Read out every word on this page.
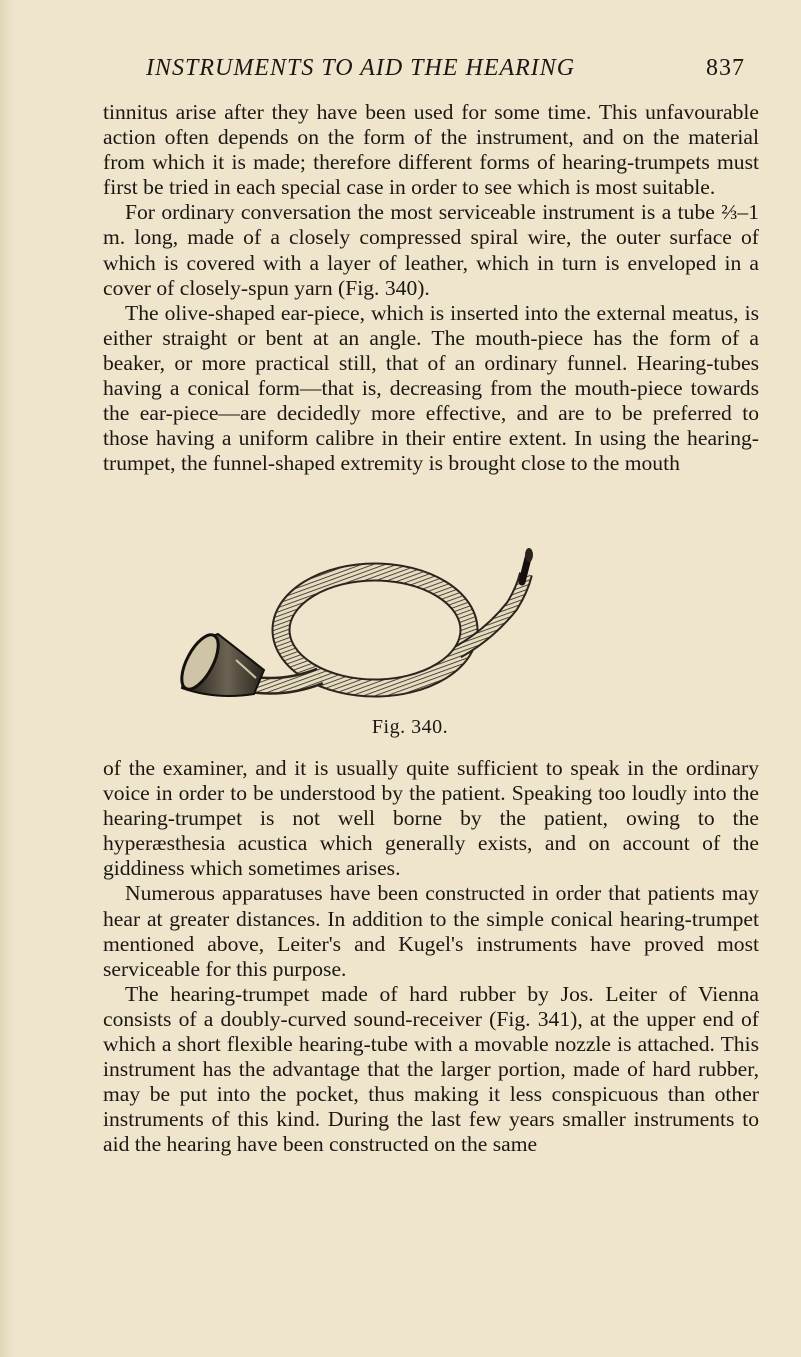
INSTRUMENTS TO AID THE HEARING	837

tinnitus arise after they have been used for some time. This unfavourable action often depends on the form of the instrument, and on the material from which it is made; therefore different forms of hearing-trumpets must first be tried in each special case in order to see which is most suitable.

For ordinary conversation the most serviceable instrument is a tube ⅔–1 m. long, made of a closely compressed spiral wire, the outer surface of which is covered with a layer of leather, which in turn is enveloped in a cover of closely-spun yarn (Fig. 340).

The olive-shaped ear-piece, which is inserted into the external meatus, is either straight or bent at an angle. The mouth-piece has the form of a beaker, or more practical still, that of an ordinary funnel. Hearing-tubes having a conical form—that is, decreasing from the mouth-piece towards the ear-piece—are decidedly more effective, and are to be preferred to those having a uniform calibre in their entire extent. In using the hearing-trumpet, the funnel-shaped extremity is brought close to the mouth

Fig. 340.

of the examiner, and it is usually quite sufficient to speak in the ordinary voice in order to be understood by the patient. Speaking too loudly into the hearing-trumpet is not well borne by the patient, owing to the hyperæsthesia acustica which generally exists, and on account of the giddiness which sometimes arises.

Numerous apparatuses have been constructed in order that patients may hear at greater distances. In addition to the simple conical hearing-trumpet mentioned above, Leiter's and Kugel's instruments have proved most serviceable for this purpose.

The hearing-trumpet made of hard rubber by Jos. Leiter of Vienna consists of a doubly-curved sound-receiver (Fig. 341), at the upper end of which a short flexible hearing-tube with a movable nozzle is attached. This instrument has the advantage that the larger portion, made of hard rubber, may be put into the pocket, thus making it less conspicuous than other instruments of this kind. During the last few years smaller instruments to aid the hearing have been constructed on the same
